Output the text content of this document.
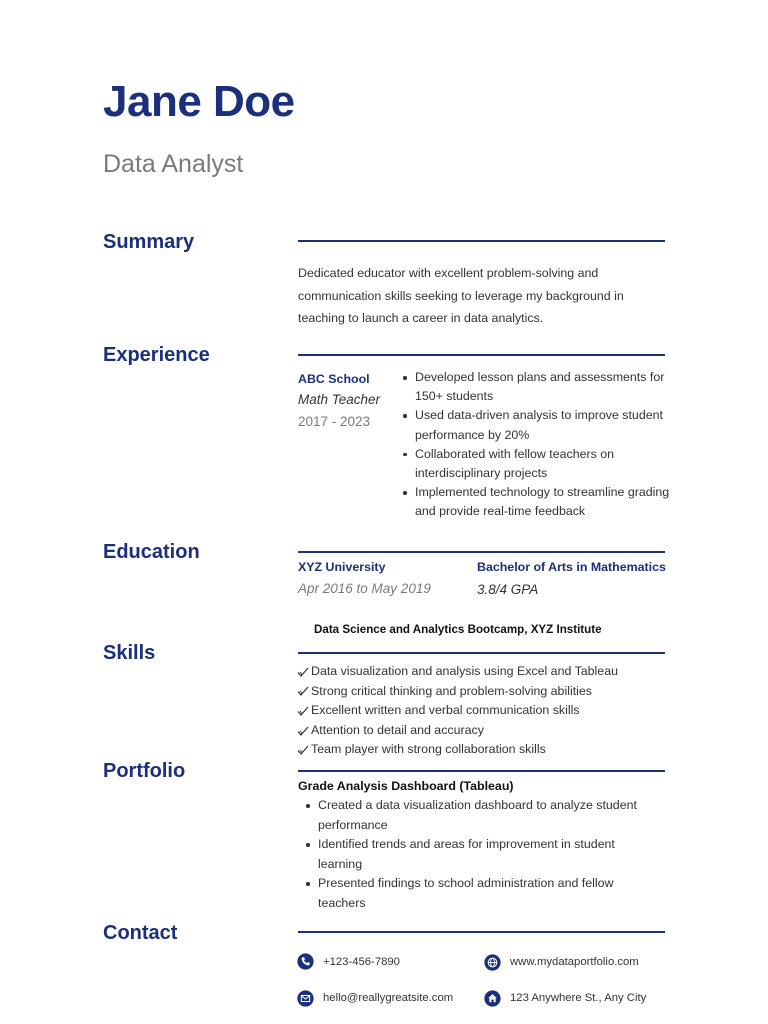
Jane Doe
Data Analyst
Summary
Dedicated educator with excellent problem-solving and
communication skills seeking to leverage my background in
teaching to launch a career in data analytics.
Experience
ABC School
Math Teacher
2017 - 2023
Developed lesson plans and assessments for
150+ students
Used data-driven analysis to improve student
performance by 20%
Collaborated with fellow teachers on
interdisciplinary projects
Implemented technology to streamline grading
and provide real-time feedback
Education
XYZ University
Apr 2016 to May 2019
Bachelor of Arts in Mathematics
3.8/4 GPA
Data Science and Analytics Bootcamp, XYZ Institute
Skills
Data visualization and analysis using Excel and Tableau
Strong critical thinking and problem-solving abilities
Excellent written and verbal communication skills
Attention to detail and accuracy
Team player with strong collaboration skills
Portfolio
Grade Analysis Dashboard (Tableau)
Created a data visualization dashboard to analyze student
performance
Identified trends and areas for improvement in student
learning
Presented findings to school administration and fellow
teachers
Contact
+123-456-7890	www.mydataportfolio.com
hello@reallygreatsite.com	123 Anywhere St., Any City
